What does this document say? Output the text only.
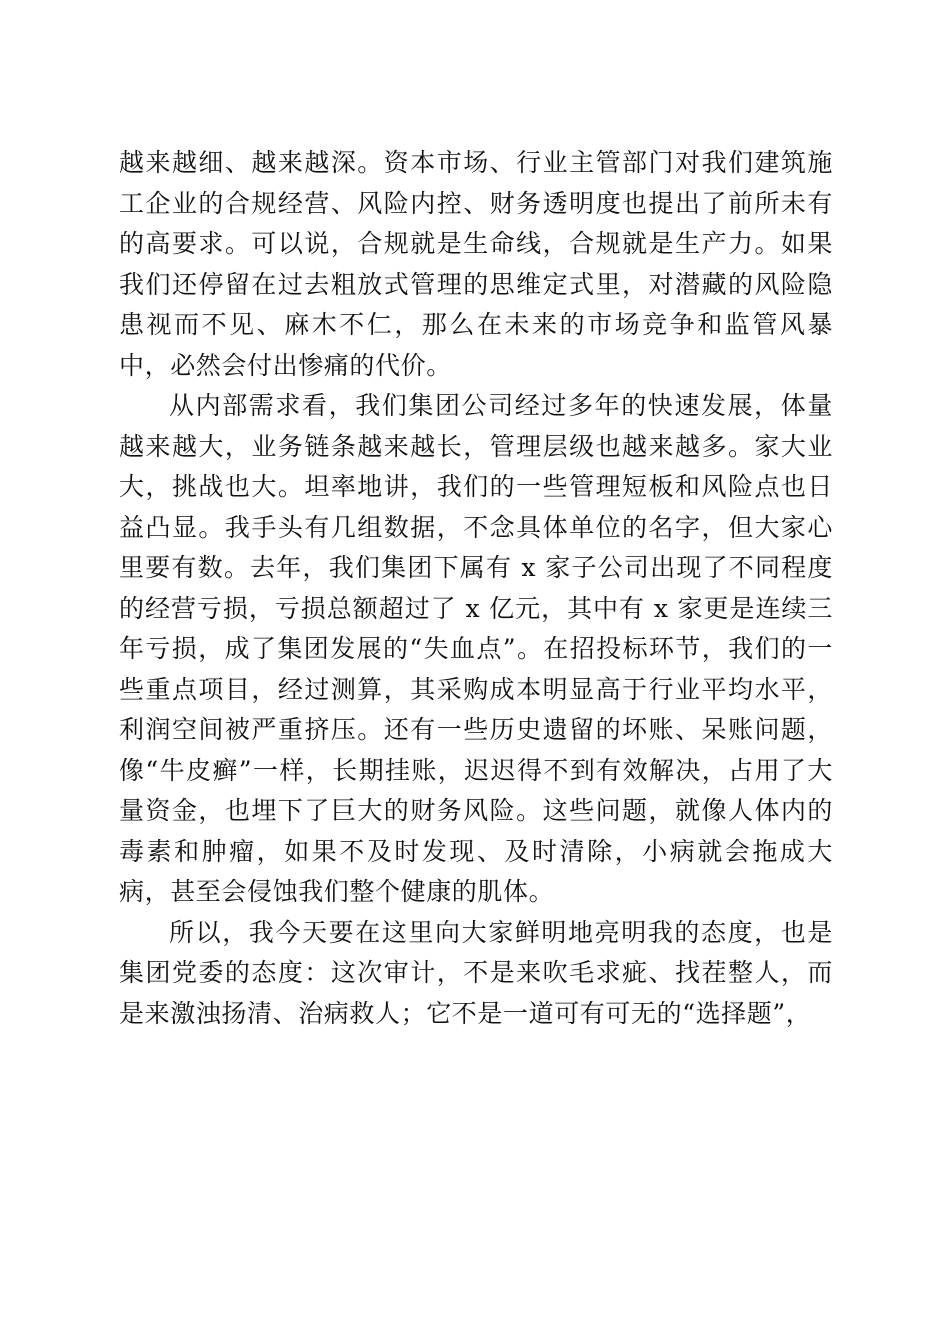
越来越细、越来越深。资本市场、行业主管部门对我们建筑施工企业的合规经营、风险内控、财务透明度也提出了前所未有的高要求。可以说，合规就是生命线，合规就是生产力。如果我们还停留在过去粗放式管理的思维定式里，对潜藏的风险隐患视而不见、麻木不仁，那么在未来的市场竞争和监管风暴中，必然会付出惨痛的代价。

从内部需求看，我们集团公司经过多年的快速发展，体量越来越大，业务链条越来越长，管理层级也越来越多。家大业大，挑战也大。坦率地讲，我们的一些管理短板和风险点也日益凸显。我手头有几组数据，不念具体单位的名字，但大家心里要有数。去年，我们集团下属有 x 家子公司出现了不同程度的经营亏损，亏损总额超过了 x 亿元，其中有 x 家更是连续三年亏损，成了集团发展的“失血点”。在招投标环节，我们的一些重点项目，经过测算，其采购成本明显高于行业平均水平，利润空间被严重挤压。还有一些历史遗留的坏账、呆账问题，像“牛皮癣”一样，长期挂账，迟迟得不到有效解决，占用了大量资金，也埋下了巨大的财务风险。这些问题，就像人体内的毒素和肿瘤，如果不及时发现、及时清除，小病就会拖成大病，甚至会侵蚀我们整个健康的肌体。

所以，我今天要在这里向大家鲜明地亮明我的态度，也是集团党委的态度：这次审计，不是来吹毛求疵、找茬整人，而是来激浊扬清、治病救人；它不是一道可有可无的“选择题”，
